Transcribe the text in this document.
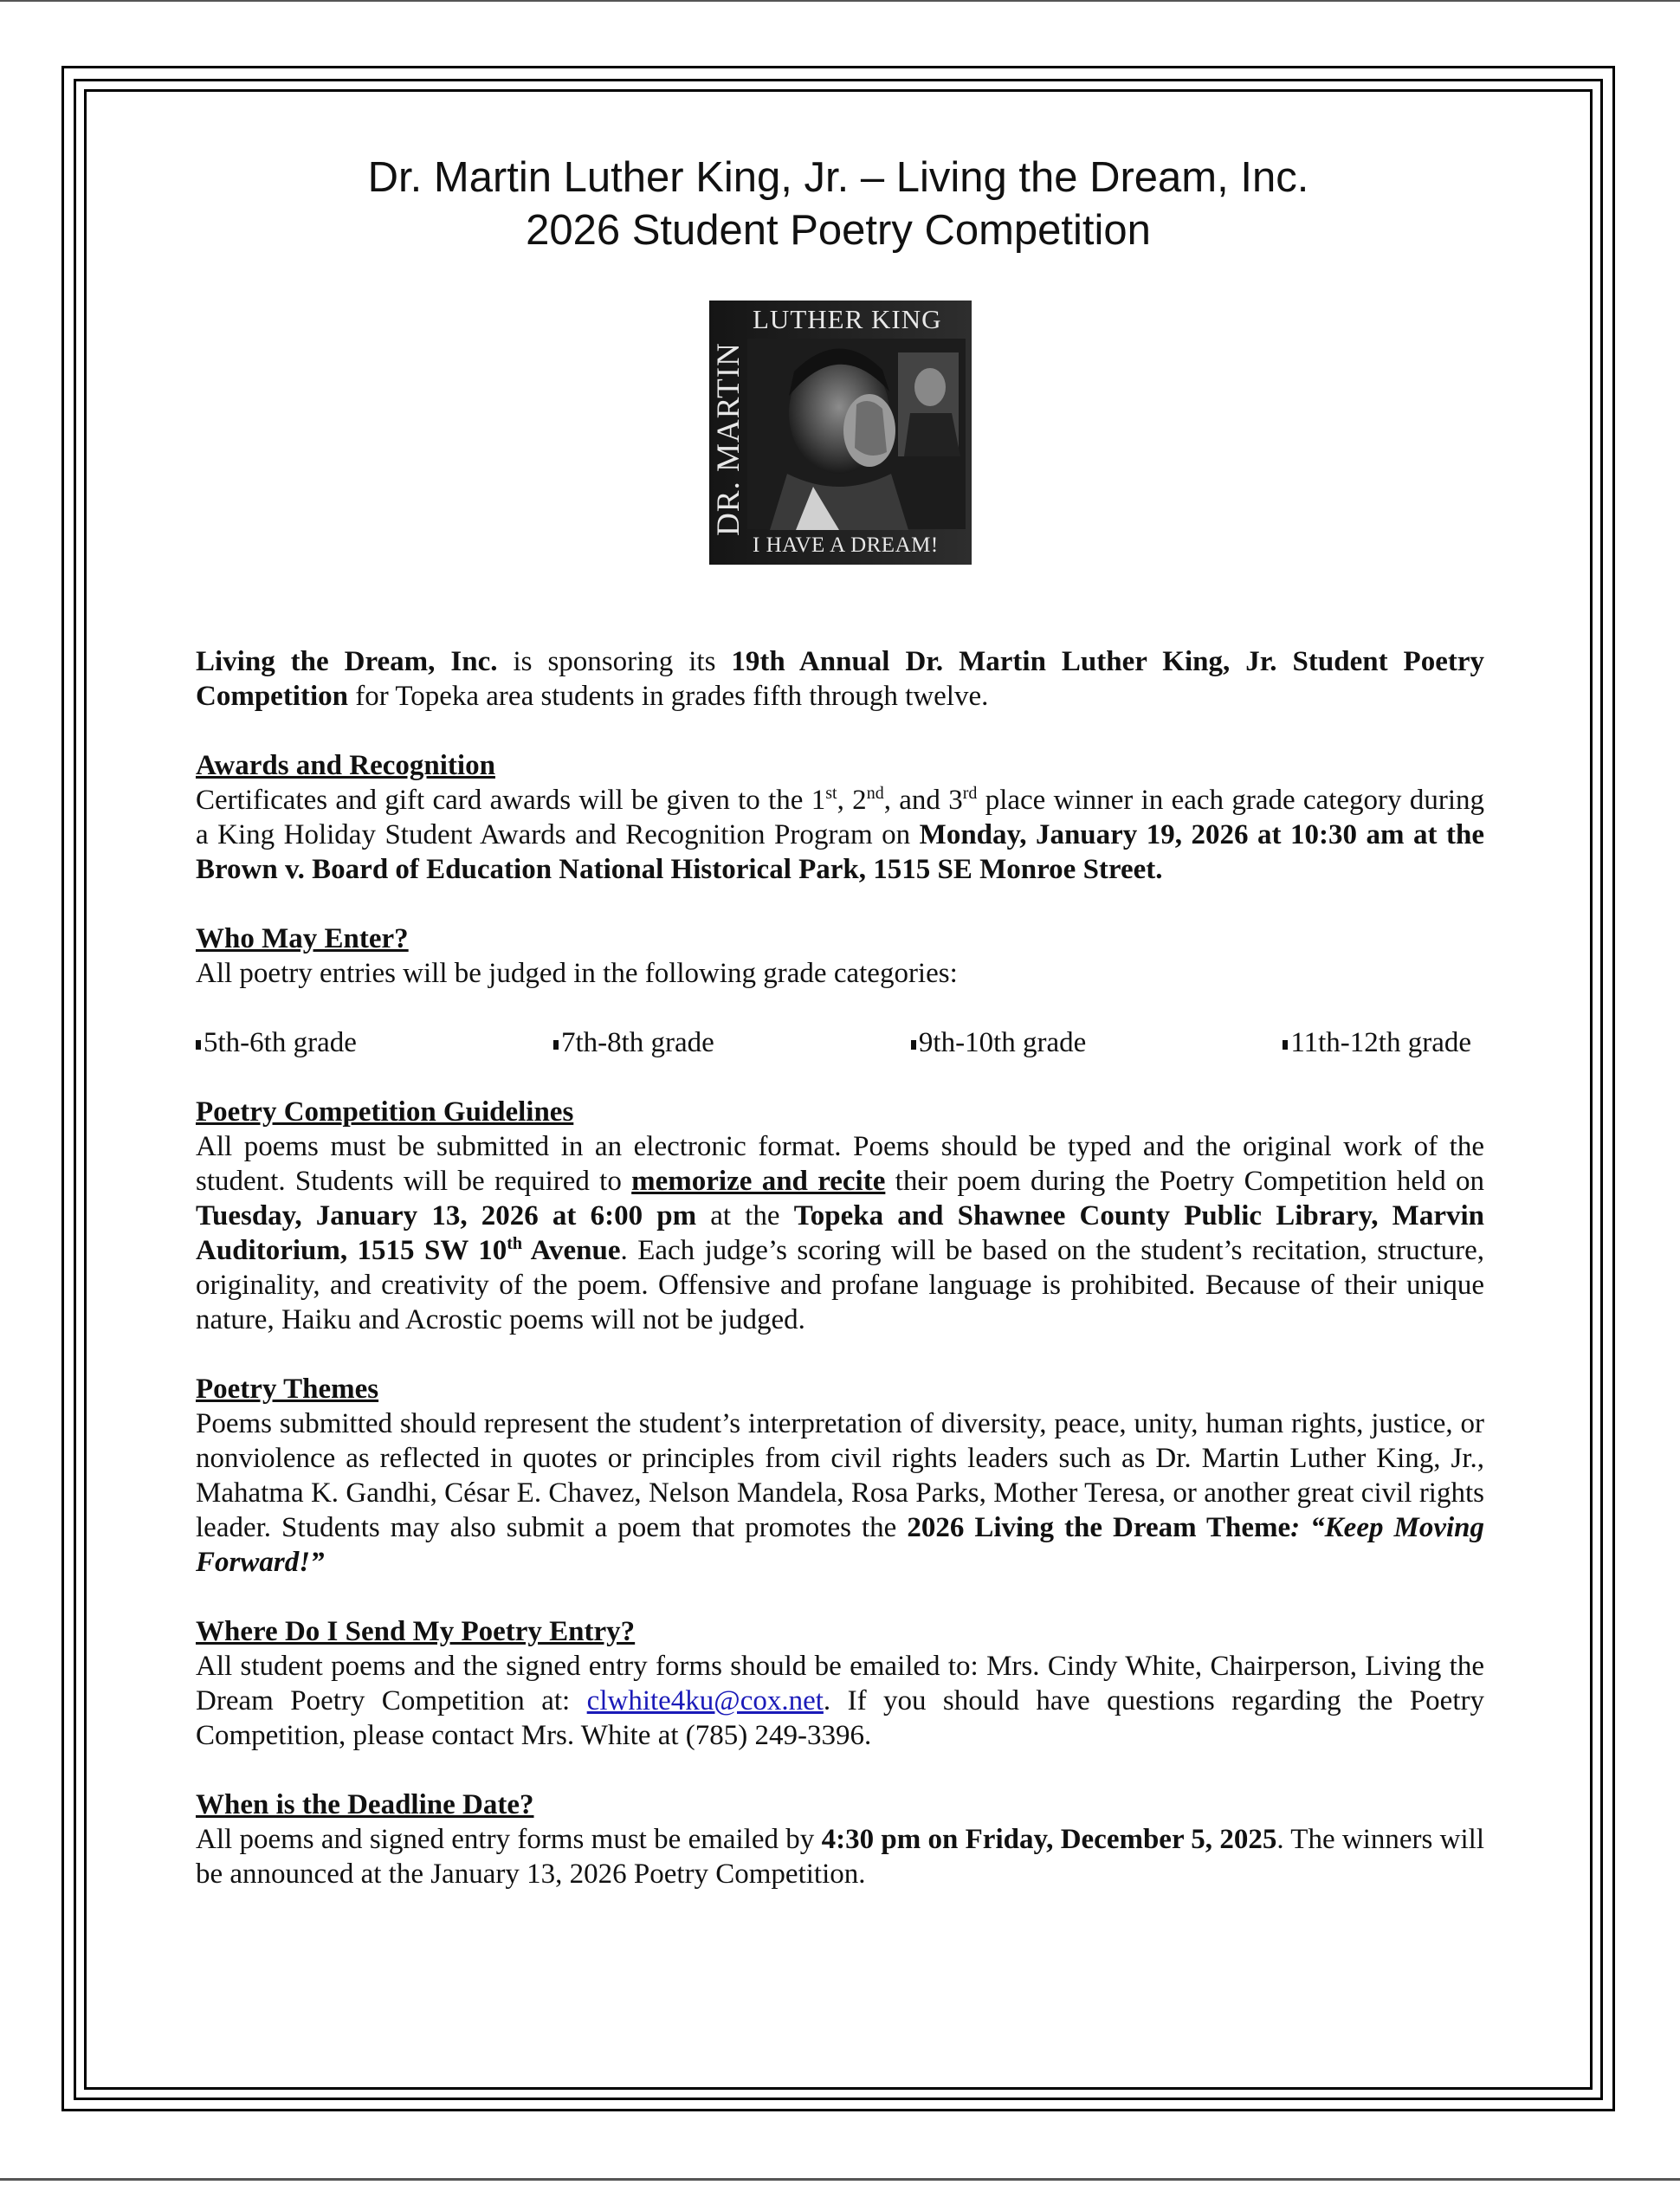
Dr. Martin Luther King, Jr. – Living the Dream, Inc.
2026 Student Poetry Competition
DR. MARTIN
LUTHER KING
I HAVE A DREAM!

Living the Dream, Inc. is sponsoring its 19th Annual Dr. Martin Luther King, Jr. Student Poetry Competition for Topeka area students in grades fifth through twelve.

Awards and Recognition
Certificates and gift card awards will be given to the 1st, 2nd, and 3rd place winner in each grade category during a King Holiday Student Awards and Recognition Program on Monday, January 19, 2026 at 10:30 am at the Brown v. Board of Education National Historical Park, 1515 SE Monroe Street.

Who May Enter?
All poetry entries will be judged in the following grade categories:

5th-6th grade	7th-8th grade	9th-10th grade	11th-12th grade

Poetry Competition Guidelines
All poems must be submitted in an electronic format. Poems should be typed and the original work of the student. Students will be required to memorize and recite their poem during the Poetry Competition held on Tuesday, January 13, 2026 at 6:00 pm at the Topeka and Shawnee County Public Library, Marvin Auditorium, 1515 SW 10th Avenue. Each judge’s scoring will be based on the student’s recitation, structure, originality, and creativity of the poem. Offensive and profane language is prohibited. Because of their unique nature, Haiku and Acrostic poems will not be judged.

Poetry Themes
Poems submitted should represent the student’s interpretation of diversity, peace, unity, human rights, justice, or nonviolence as reflected in quotes or principles from civil rights leaders such as Dr. Martin Luther King, Jr., Mahatma K. Gandhi, César E. Chavez, Nelson Mandela, Rosa Parks, Mother Teresa, or another great civil rights leader. Students may also submit a poem that promotes the 2026 Living the Dream Theme: “Keep Moving Forward!”

Where Do I Send My Poetry Entry?
All student poems and the signed entry forms should be emailed to: Mrs. Cindy White, Chairperson, Living the Dream Poetry Competition at: clwhite4ku@cox.net. If you should have questions regarding the Poetry Competition, please contact Mrs. White at (785) 249-3396.

When is the Deadline Date?
All poems and signed entry forms must be emailed by 4:30 pm on Friday, December 5, 2025. The winners will be announced at the January 13, 2026 Poetry Competition.
